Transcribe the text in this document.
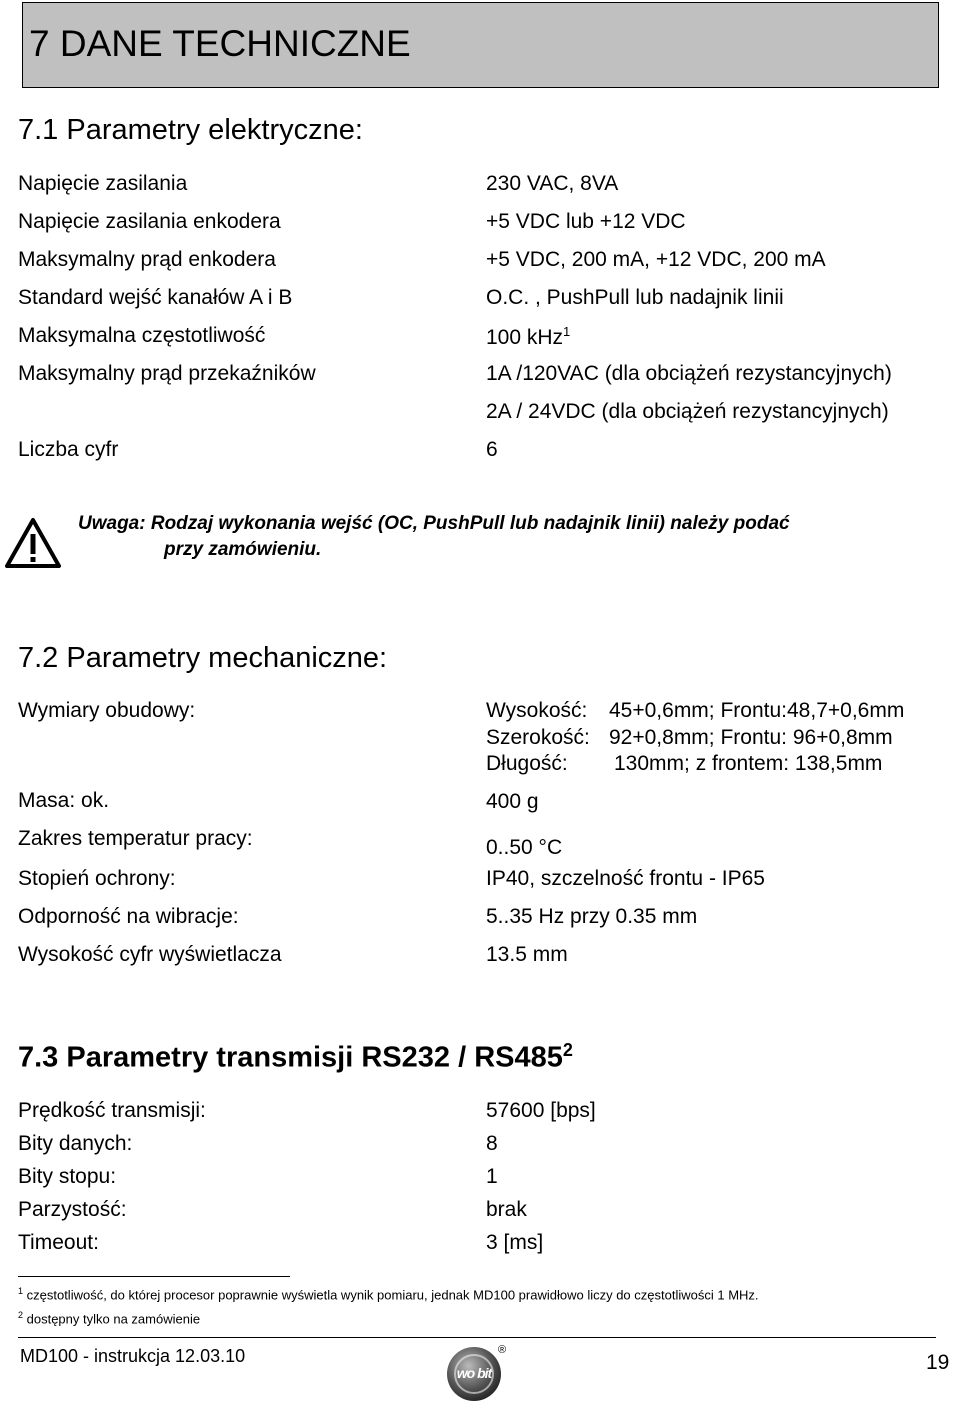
7 DANE TECHNICZNE
7.1 Parametry elektryczne:
Napięcie zasilania	230 VAC, 8VA
Napięcie zasilania enkodera	+5 VDC lub +12 VDC
Maksymalny prąd enkodera	+5 VDC, 200 mA, +12 VDC, 200 mA
Standard wejść kanałów A i B	O.C. , PushPull lub nadajnik linii
Maksymalna częstotliwość	100 kHz$^1$
Maksymalny prąd przekaźników	1A /120VAC (dla obciążeń rezystancyjnych)
2A / 24VDC (dla obciążeń rezystancyjnych)
Liczba cyfr	6
Uwaga: Rodzaj wykonania wejść (OC, PushPull lub nadajnik linii) należy podać
przy zamówieniu.
7.2 Parametry mechaniczne:
Wymiary obudowy:	Wysokość: 45+0,6mm; Frontu:48,7+0,6mm
Szerokość: 92+0,8mm; Frontu: 96+0,8mm
Długość: 130mm; z frontem: 138,5mm
Masa: ok.	400 g
Zakres temperatur pracy:	0..50 °C
Stopień ochrony:	IP40, szczelność frontu - IP65
Odporność na wibracje:	5..35 Hz przy 0.35 mm
Wysokość cyfr wyświetlacza	13.5 mm
7.3 Parametry transmisji $RS232 / RS485^2$
Prędkość transmisji:	57600 [bps]
Bity danych:	8
Bity stopu:	1
Parzystość:	brak
Timeout:	3 [ms]
$^1$ częstotliwość, do której procesor poprawnie wyświetla wynik pomiaru, jednak MD100 prawidłowo liczy do częstotliwości 1 MHz.
$^2$ dostępny tylko na zamówienie
MD100 - instrukcja 12.03.10
wo bit
®
19
